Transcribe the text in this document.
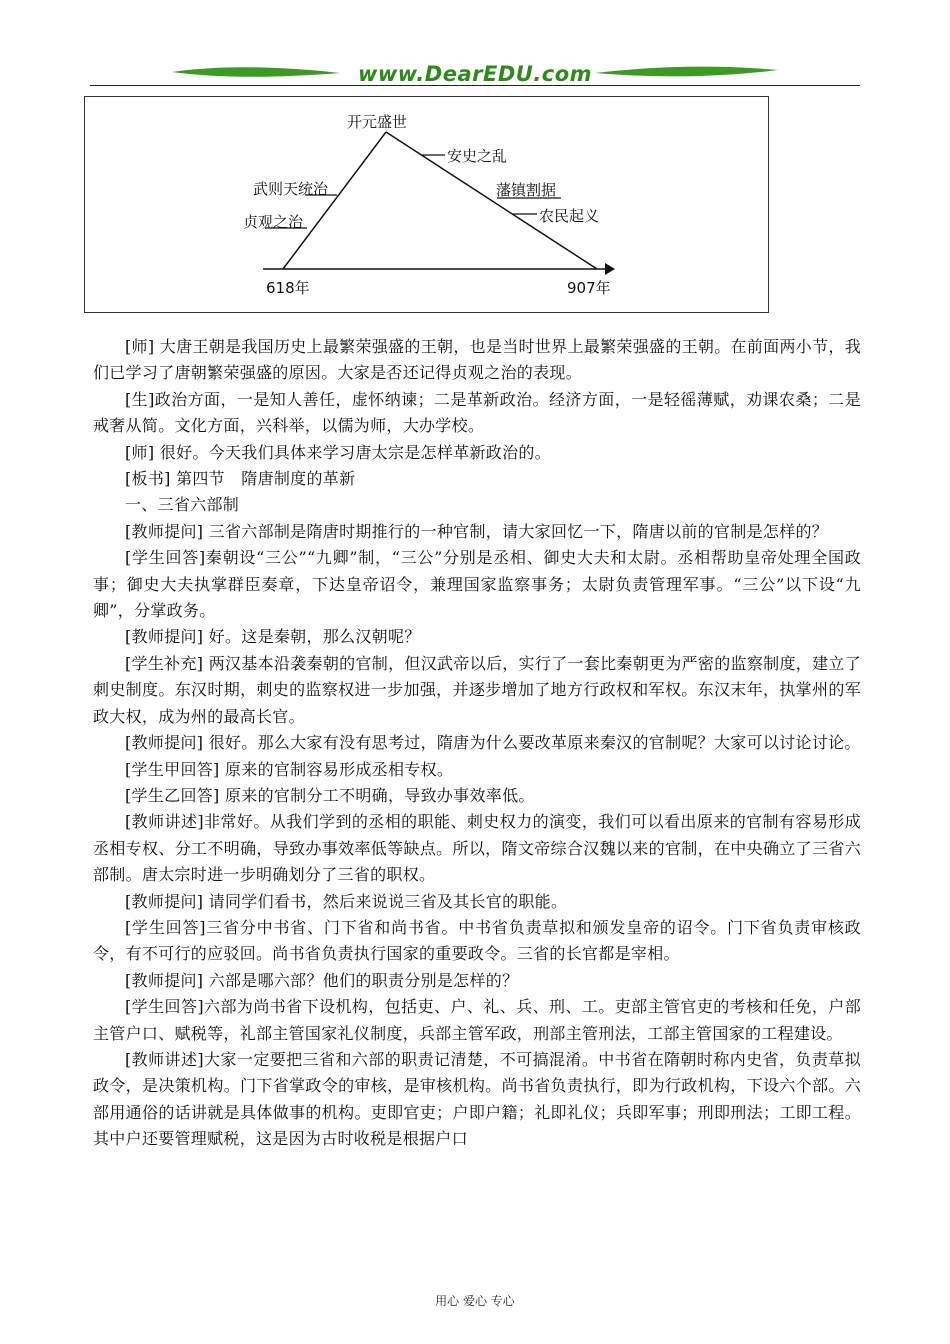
www.DearEDU.com
开元盛世
武则天统治
贞观之治
安史之乱
藩镇割据
农民起义
618年	907年

[师] 大唐王朝是我国历史上最繁荣强盛的王朝，也是当时世界上最繁荣强盛的王朝。在前面两小节，我们已学习了唐朝繁荣强盛的原因。大家是否还记得贞观之治的表现。

[生]政治方面，一是知人善任，虚怀纳谏；二是革新政治。经济方面，一是轻徭薄赋，劝课农桑；二是戒奢从简。文化方面，兴科举，以儒为师，大办学校。

[师] 很好。今天我们具体来学习唐太宗是怎样革新政治的。

[板书] 第四节　隋唐制度的革新

一、三省六部制

[教师提问] 三省六部制是隋唐时期推行的一种官制，请大家回忆一下，隋唐以前的官制是怎样的？

[学生回答]秦朝设“三公”“九卿”制，“三公”分别是丞相、御史大夫和太尉。丞相帮助皇帝处理全国政事；御史大夫执掌群臣奏章，下达皇帝诏令，兼理国家监察事务；太尉负责管理军事。“三公”以下设“九卿”，分掌政务。

[教师提问] 好。这是秦朝，那么汉朝呢？

[学生补充] 两汉基本沿袭秦朝的官制，但汉武帝以后，实行了一套比秦朝更为严密的监察制度，建立了刺史制度。东汉时期，刺史的监察权进一步加强，并逐步增加了地方行政权和军权。东汉末年，执掌州的军政大权，成为州的最高长官。

[教师提问] 很好。那么大家有没有思考过，隋唐为什么要改革原来秦汉的官制呢？大家可以讨论讨论。

[学生甲回答] 原来的官制容易形成丞相专权。

[学生乙回答] 原来的官制分工不明确，导致办事效率低。

[教师讲述]非常好。从我们学到的丞相的职能、刺史权力的演变，我们可以看出原来的官制有容易形成丞相专权、分工不明确，导致办事效率低等缺点。所以，隋文帝综合汉魏以来的官制，在中央确立了三省六部制。唐太宗时进一步明确划分了三省的职权。

[教师提问] 请同学们看书，然后来说说三省及其长官的职能。

[学生回答]三省分中书省、门下省和尚书省。中书省负责草拟和颁发皇帝的诏令。门下省负责审核政令，有不可行的应驳回。尚书省负责执行国家的重要政令。三省的长官都是宰相。

[教师提问] 六部是哪六部？他们的职责分别是怎样的？

[学生回答]六部为尚书省下设机构，包括吏、户、礼、兵、刑、工。吏部主管官吏的考核和任免，户部主管户口、赋税等，礼部主管国家礼仪制度，兵部主管军政，刑部主管刑法，工部主管国家的工程建设。

[教师讲述]大家一定要把三省和六部的职责记清楚，不可搞混淆。中书省在隋朝时称内史省，负责草拟政令，是决策机构。门下省掌政令的审核，是审核机构。尚书省负责执行，即为行政机构，下设六个部。六部用通俗的话讲就是具体做事的机构。吏即官吏；户即户籍；礼即礼仪；兵即军事；刑即刑法；工即工程。其中户还要管理赋税，这是因为古时收税是根据户口

用心 爱心 专心
